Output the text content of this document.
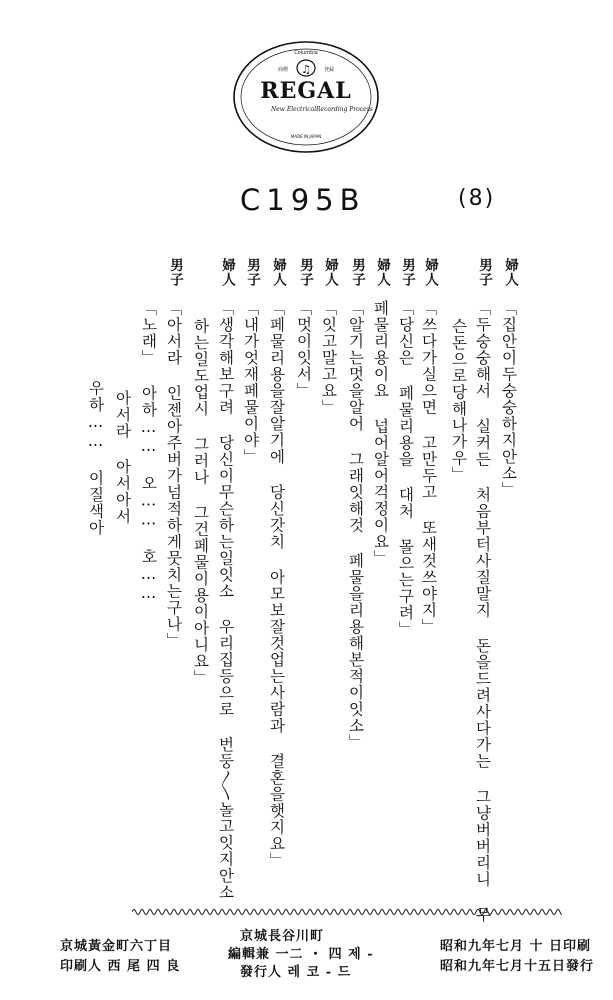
♫
Columbia
商標	登録
REGAL
New Electrical Recording Process
MADE IN JAPAN
C195B	(8)
婦人
「집안이두숭숭하지안소」
男子
「두숭숭해서 실커든 처음부터사질말지 돈을드려사다가는 그냥버버리니 무
슨돈으로당해나가우」
婦人
「쓰다가실으면 고만두고 또새것쓰야지」
男子
「당신은 페물리용을 대처 몰으는구려」
婦人
페물리용이요 넙어알어걱정이요」
男子
「알기는멋을알어 그래잇해것 페물을리용해본적이잇소」
婦人
「잇고말고요」
男子
「멋이잇서」
婦人
「페물리용을잘알기에 당신갓치 아모보잘것업는사람과 결혼을햇지요」
男子
「내가엇재페물이야」
婦人
「생각해보구려 당신이무슨하는일잇소 우리집등으로 번둥〳〵놀고잇지안소
하는일도업시 그러나 그건페물이용이아니요」
男子
「아서라 인젠아주버가넘적하게뭇치는구나」
「노래」 아하…… 오…… 호……
아서라 아서아서
우하…… 이질색아
昭和九年七月 十 日印刷
昭和九年七月十五日發行
京城長谷川町
編輯兼 一二 ・ 四 제 -
發行人 레 코 - 드
京城黃金町六丁目
印刷人 西 尾 四 良
